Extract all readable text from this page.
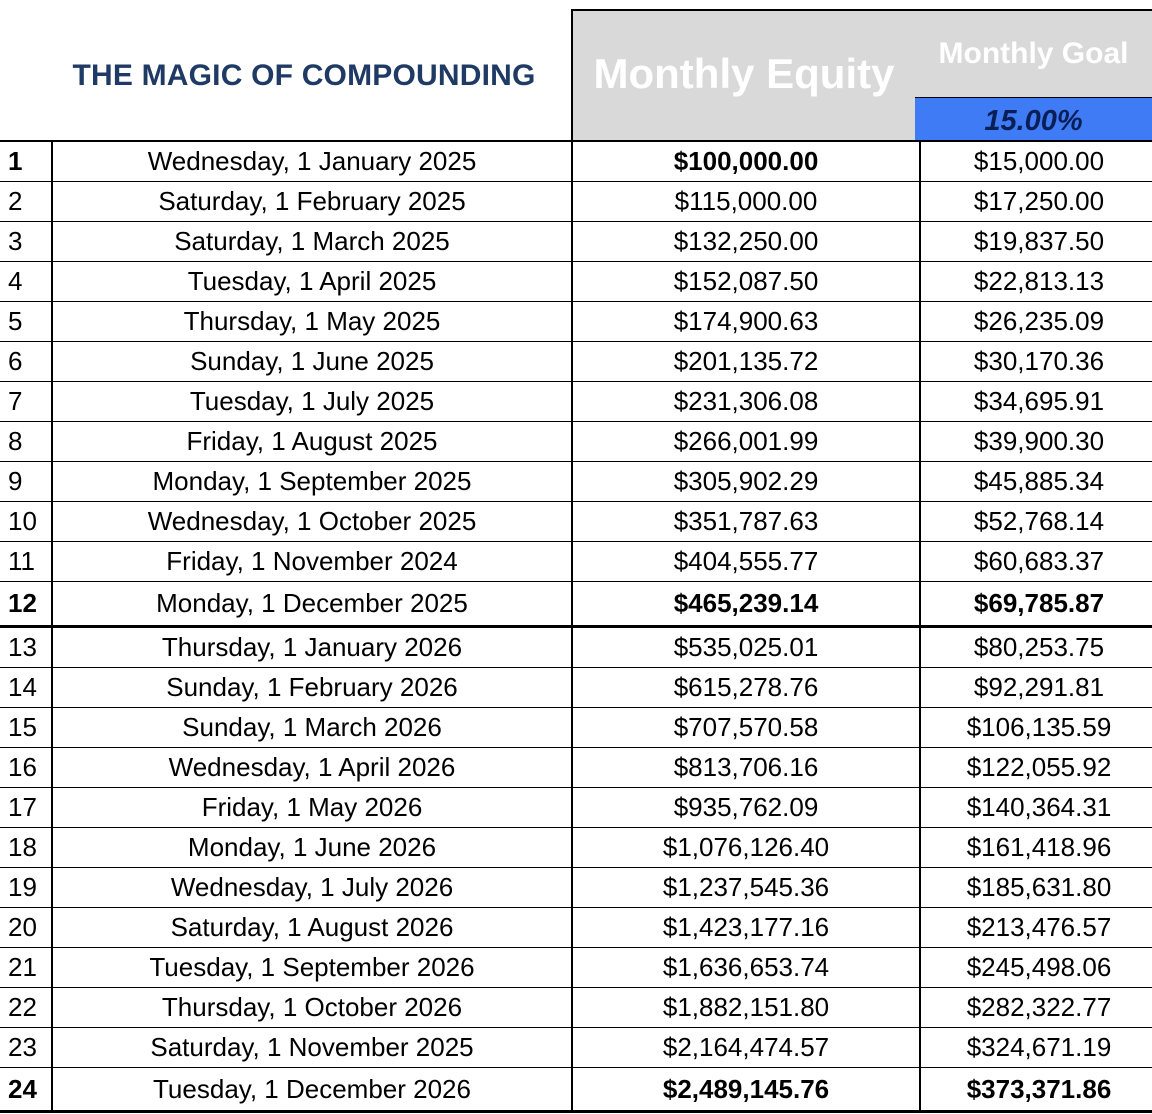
THE MAGIC OF COMPOUNDING	Monthly Equity	Monthly Goal
15.00%
1	Wednesday, 1 January 2025	$100,000.00	$15,000.00
2	Saturday, 1 February 2025	$115,000.00	$17,250.00
3	Saturday, 1 March 2025	$132,250.00	$19,837.50
4	Tuesday, 1 April 2025	$152,087.50	$22,813.13
5	Thursday, 1 May 2025	$174,900.63	$26,235.09
6	Sunday, 1 June 2025	$201,135.72	$30,170.36
7	Tuesday, 1 July 2025	$231,306.08	$34,695.91
8	Friday, 1 August 2025	$266,001.99	$39,900.30
9	Monday, 1 September 2025	$305,902.29	$45,885.34
10	Wednesday, 1 October 2025	$351,787.63	$52,768.14
11	Friday, 1 November 2024	$404,555.77	$60,683.37
12	Monday, 1 December 2025	$465,239.14	$69,785.87
13	Thursday, 1 January 2026	$535,025.01	$80,253.75
14	Sunday, 1 February 2026	$615,278.76	$92,291.81
15	Sunday, 1 March 2026	$707,570.58	$106,135.59
16	Wednesday, 1 April 2026	$813,706.16	$122,055.92
17	Friday, 1 May 2026	$935,762.09	$140,364.31
18	Monday, 1 June 2026	$1,076,126.40	$161,418.96
19	Wednesday, 1 July 2026	$1,237,545.36	$185,631.80
20	Saturday, 1 August 2026	$1,423,177.16	$213,476.57
21	Tuesday, 1 September 2026	$1,636,653.74	$245,498.06
22	Thursday, 1 October 2026	$1,882,151.80	$282,322.77
23	Saturday, 1 November 2025	$2,164,474.57	$324,671.19
24	Tuesday, 1 December 2026	$2,489,145.76	$373,371.86
